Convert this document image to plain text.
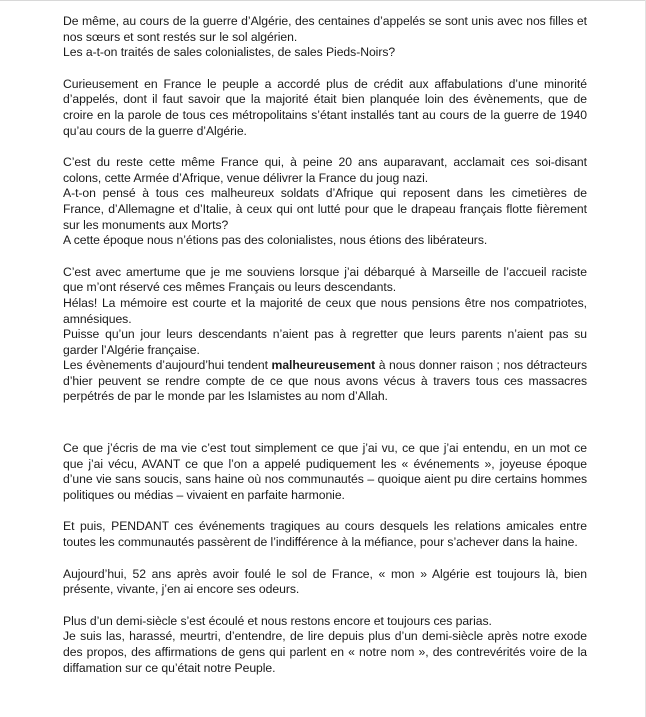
De même, au cours de la guerre d’Algérie, des centaines d’appelés se sont unis avec nos filles et nos sœurs et sont restés sur le sol algérien.
Les a-t-on traités de sales colonialistes, de sales Pieds-Noirs?

Curieusement en France le peuple a accordé plus de crédit aux affabulations d’une minorité d’appelés, dont il faut savoir que la majorité était bien planquée loin des évènements, que de croire en la parole de tous ces métropolitains s’étant installés tant au cours de la guerre de 1940 qu’au cours de la guerre d’Algérie.

C’est du reste cette même France qui, à peine 20 ans auparavant, acclamait ces soi-disant colons, cette Armée d’Afrique, venue délivrer la France du joug nazi.
A-t-on pensé à tous ces malheureux soldats d’Afrique qui reposent dans les cimetières de France, d’Allemagne et d’Italie, à ceux qui ont lutté pour que le drapeau français flotte fièrement sur les monuments aux Morts?
A cette époque nous n’étions pas des colonialistes, nous étions des libérateurs.

C’est avec amertume que je me souviens lorsque j’ai débarqué à Marseille de l’accueil raciste que m’ont réservé ces mêmes Français ou leurs descendants.
Hélas! La mémoire est courte et la majorité de ceux que nous pensions être nos compatriotes, amnésiques.
Puisse qu’un jour leurs descendants n’aient pas à regretter que leurs parents n’aient pas su garder l’Algérie française.
Les évènements d’aujourd’hui tendent malheureusement à nous donner raison ; nos détracteurs d’hier peuvent se rendre compte de ce que nous avons vécus à travers tous ces massacres perpétrés de par le monde par les Islamistes au nom d’Allah.

Ce que j’écris de ma vie c’est tout simplement ce que j’ai vu, ce que j’ai entendu, en un mot ce que j’ai vécu, AVANT ce que l’on a appelé pudiquement les « événements », joyeuse époque d’une vie sans soucis, sans haine où nos communautés – quoique aient pu dire certains hommes politiques ou médias – vivaient en parfaite harmonie.

Et puis, PENDANT ces événements tragiques au cours desquels les relations amicales entre toutes les communautés passèrent de l’indifférence à la méfiance, pour s’achever dans la haine.

Aujourd’hui, 52 ans après avoir foulé le sol de France, « mon » Algérie est toujours là, bien présente, vivante, j’en ai encore ses odeurs.

Plus d’un demi-siècle s’est écoulé et nous restons encore et toujours ces parias.
Je suis las, harassé, meurtri, d’entendre, de lire depuis plus d’un demi-siècle après notre exode des propos, des affirmations de gens qui parlent en « notre nom », des contrevérités voire de la diffamation sur ce qu’était notre Peuple.
